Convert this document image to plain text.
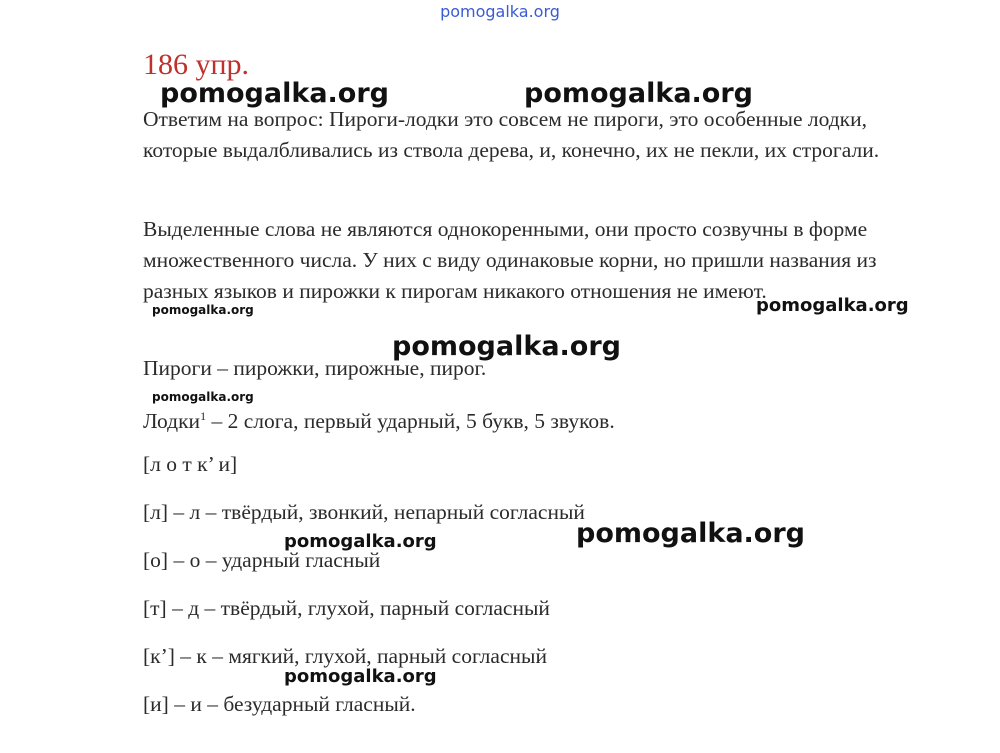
pomogalka.org
186 упр.
Ответим на вопрос: Пироги-лодки это совсем не пироги, это особенные лодки, которые выдалбливались из ствола дерева, и, конечно, их не пекли, их строгали.
Выделенные слова не являются однокоренными, они просто созвучны в форме множественного числа. У них с виду одинаковые корни, но пришли названия из разных языков и пирожки к пирогам никакого отношения не имеют.
Пироги – пирожки, пирожные, пирог.
Лодки$^1$ – 2 слога, первый ударный, 5 букв, 5 звуков.
[л о т к’ и]
[л] – л – твёрдый, звонкий, непарный согласный
[о] – о – ударный гласный
[т] – д – твёрдый, глухой, парный согласный
[к’] – к – мягкий, глухой, парный согласный
[и] – и – безударный гласный.
pomogalka.org	pomogalka.org
pomogalka.org
pomogalka.org
pomogalka.org
pomogalka.org
pomogalka.org
pomogalka.org
pomogalka.org
